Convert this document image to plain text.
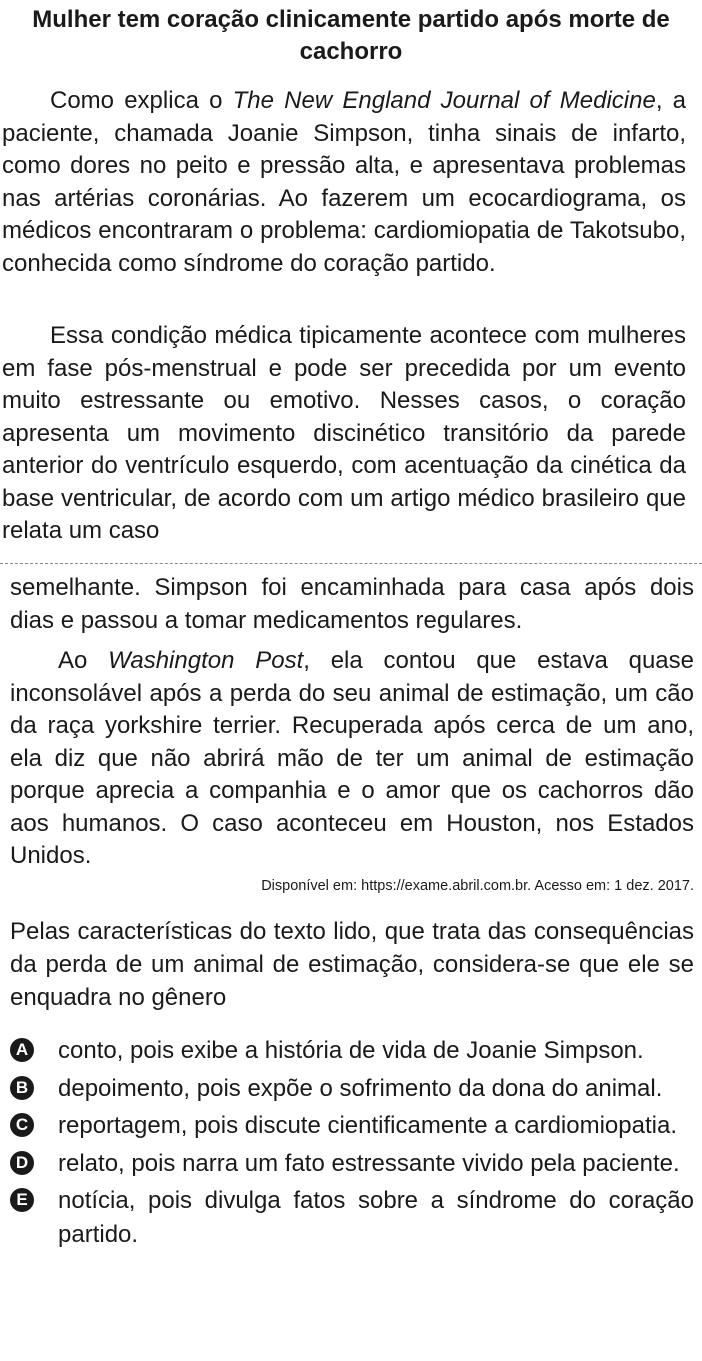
Mulher tem coração clinicamente partido após morte de cachorro

Como explica o The New England Journal of Medicine, a paciente, chamada Joanie Simpson, tinha sinais de infarto, como dores no peito e pressão alta, e apresentava problemas nas artérias coronárias. Ao fazerem um ecocardiograma, os médicos encontraram o problema: cardiomiopatia de Takotsubo, conhecida como síndrome do coração partido.

Essa condição médica tipicamente acontece com mulheres em fase pós-menstrual e pode ser precedida por um evento muito estressante ou emotivo. Nesses casos, o coração apresenta um movimento discinético transitório da parede anterior do ventrículo esquerdo, com acentuação da cinética da base ventricular, de acordo com um artigo médico brasileiro que relata um caso

semelhante. Simpson foi encaminhada para casa após dois dias e passou a tomar medicamentos regulares.

Ao Washington Post, ela contou que estava quase inconsolável após a perda do seu animal de estimação, um cão da raça yorkshire terrier. Recuperada após cerca de um ano, ela diz que não abrirá mão de ter um animal de estimação porque aprecia a companhia e o amor que os cachorros dão aos humanos. O caso aconteceu em Houston, nos Estados Unidos.

Disponível em: https://exame.abril.com.br. Acesso em: 1 dez. 2017.

Pelas características do texto lido, que trata das consequências da perda de um animal de estimação, considera-se que ele se enquadra no gênero

A conto, pois exibe a história de vida de Joanie Simpson.
B depoimento, pois expõe o sofrimento da dona do animal.
C reportagem, pois discute cientificamente a cardiomiopatia.
D relato, pois narra um fato estressante vivido pela paciente.
E notícia, pois divulga fatos sobre a síndrome do coração partido.
